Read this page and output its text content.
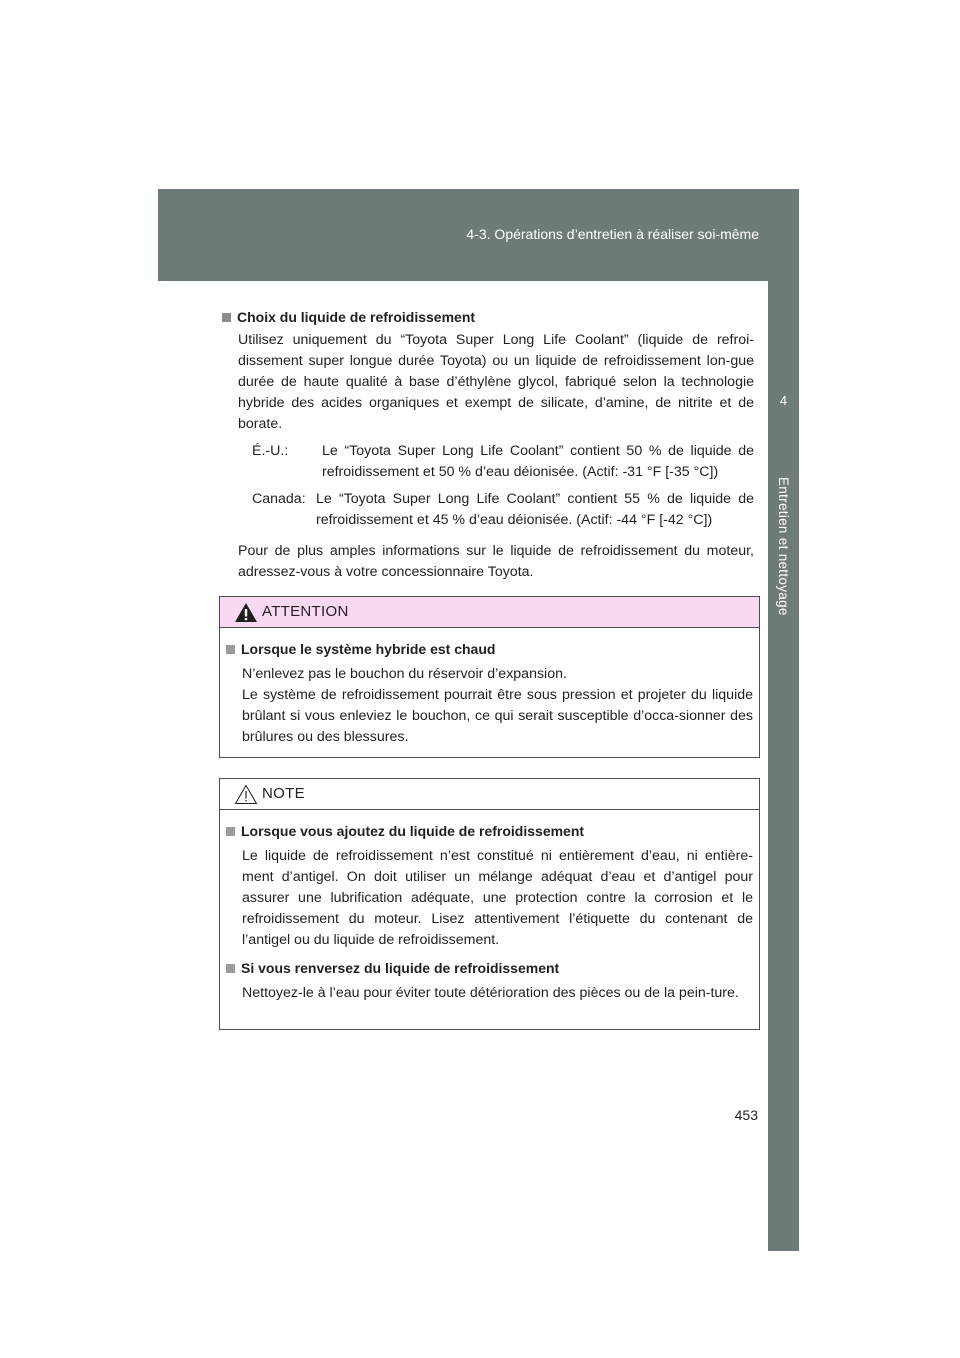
4-3. Opérations d’entretien à réaliser soi-même
4
Entretien et nettoyage

Choix du liquide de refroidissement

Utilisez uniquement du “Toyota Super Long Life Coolant” (liquide de refroi-dissement super longue durée Toyota) ou un liquide de refroidissement lon-gue durée de haute qualité à base d’éthylène glycol, fabriqué selon la technologie hybride des acides organiques et exempt de silicate, d’amine, de nitrite et de borate.

É.-U.:	Le “Toyota Super Long Life Coolant” contient 50 % de liquide de refroidissement et 50 % d’eau déionisée. (Actif: -31 °F [-35 °C])
Canada: Le “Toyota Super Long Life Coolant” contient 55 % de liquide de refroidissement et 45 % d’eau déionisée. (Actif: -44 °F [-42 °C])

Pour de plus amples informations sur le liquide de refroidissement du moteur, adressez-vous à votre concessionnaire Toyota.

ATTENTION

Lorsque le système hybride est chaud

N’enlevez pas le bouchon du réservoir d’expansion.
Le système de refroidissement pourrait être sous pression et projeter du liquide brûlant si vous enleviez le bouchon, ce qui serait susceptible d’occa-sionner des brûlures ou des blessures.

NOTE

Lorsque vous ajoutez du liquide de refroidissement

Le liquide de refroidissement n’est constitué ni entièrement d’eau, ni entière-ment d’antigel. On doit utiliser un mélange adéquat d’eau et d’antigel pour assurer une lubrification adéquate, une protection contre la corrosion et le refroidissement du moteur. Lisez attentivement l’étiquette du contenant de l’antigel ou du liquide de refroidissement.

Si vous renversez du liquide de refroidissement

Nettoyez-le à l’eau pour éviter toute détérioration des pièces ou de la pein-ture.

453
